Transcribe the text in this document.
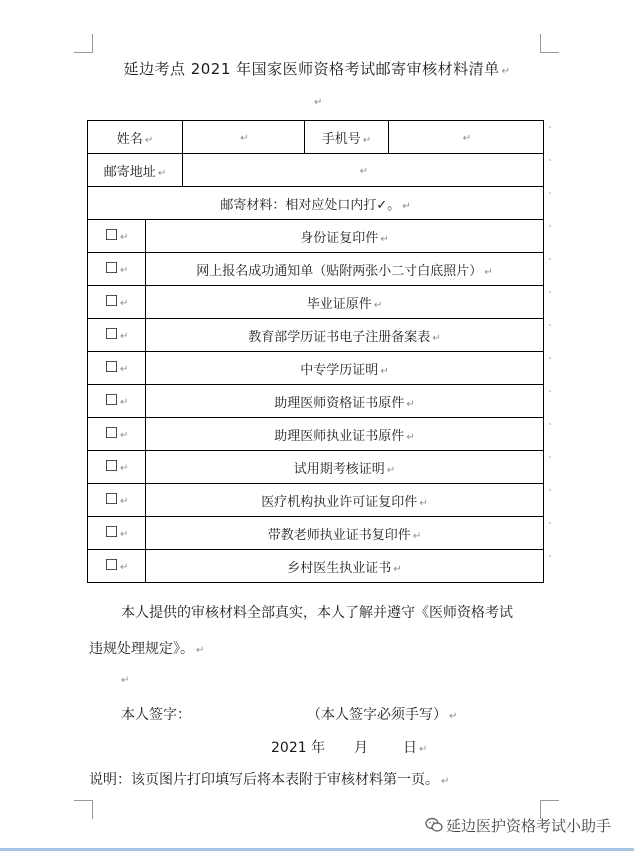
延边考点 2021 年国家医师资格考试邮寄审核材料清单 ↵
↵
姓名 ↵		↵	手机号 ↵	↵
邮寄地址 ↵		↵		
邮寄材料：相对应处口内打✓。 ↵				
☐ ↵	身份证复印件 ↵			
☐ ↵	网上报名成功通知单（贴附两张小二寸白底照片） ↵			
☐ ↵	毕业证原件 ↵			
☐ ↵	教育部学历证书电子注册备案表 ↵			
☐ ↵	中专学历证明 ↵			
☐ ↵	助理医师资格证书原件 ↵			
☐ ↵	助理医师执业证书原件 ↵			
☐ ↵	试用期考核证明 ↵			
☐ ↵	医疗机构执业许可证复印件 ↵			
☐ ↵	带教老师执业证书复印件 ↵			
☐ ↵	乡村医生执业证书 ↵			
ˋ
ˋ
ˋ
ˋ
ˋ
ˋ
ˋ
ˋ
ˋ
ˋ
ˋ
ˋ
ˋ
ˋ
本人提供的审核材料全部真实，本人了解并遵守《医师资格考试
违规处理规定》。 ↵
↵
本人签字：	（本人签字必须手写） ↵
2021 年 月	日 ↵
说明：该页图片打印填写后将本表附于审核材料第一页。 ↵
延边医护资格考试小助手
